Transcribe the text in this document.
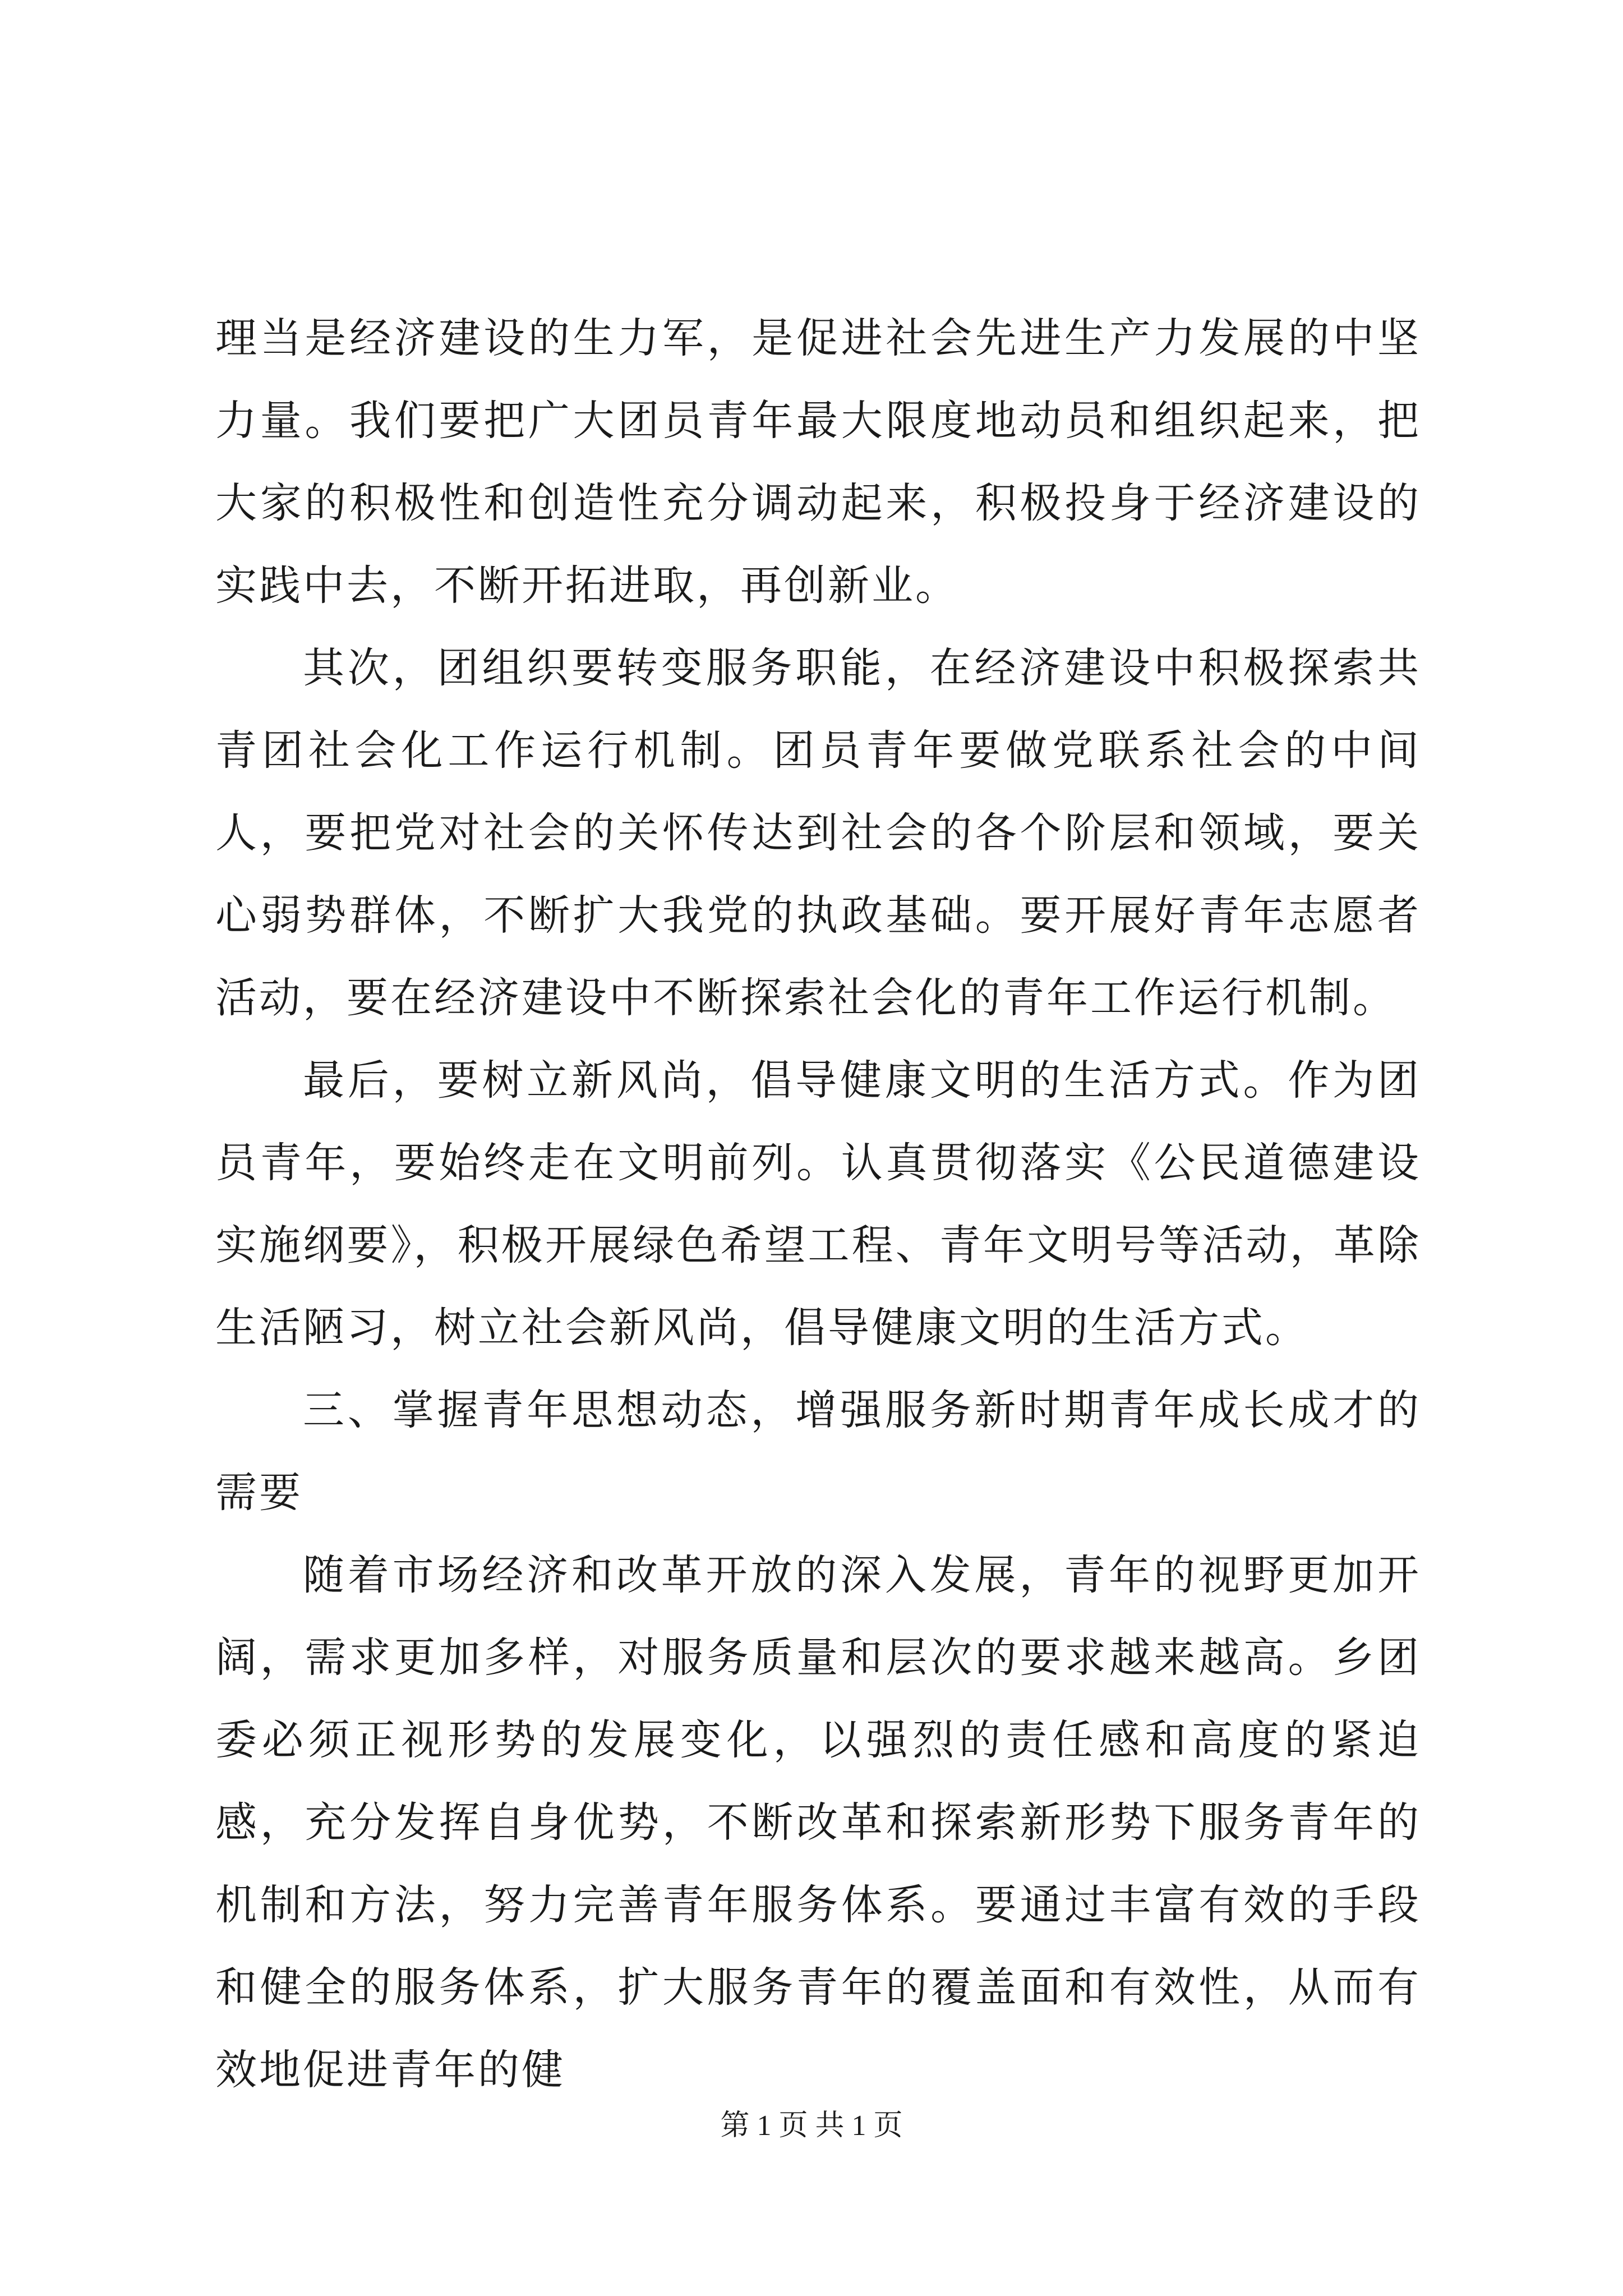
理当是经济建设的生力军，是促进社会先进生产力发展的中坚力量。我们要把广大团员青年最大限度地动员和组织起来，把大家的积极性和创造性充分调动起来，积极投身于经济建设的实践中去，不断开拓进取，再创新业。

其次，团组织要转变服务职能，在经济建设中积极探索共青团社会化工作运行机制。团员青年要做党联系社会的中间人，要把党对社会的关怀传达到社会的各个阶层和领域，要关心弱势群体，不断扩大我党的执政基础。要开展好青年志愿者活动，要在经济建设中不断探索社会化的青年工作运行机制。

最后，要树立新风尚，倡导健康文明的生活方式。作为团员青年，要始终走在文明前列。认真贯彻落实《公民道德建设实施纲要》，积极开展绿色希望工程、青年文明号等活动，革除生活陋习，树立社会新风尚，倡导健康文明的生活方式。

三、掌握青年思想动态，增强服务新时期青年成长成才的需要

随着市场经济和改革开放的深入发展，青年的视野更加开阔，需求更加多样，对服务质量和层次的要求越来越高。乡团委必须正视形势的发展变化，以强烈的责任感和高度的紧迫感，充分发挥自身优势，不断改革和探索新形势下服务青年的机制和方法，努力完善青年服务体系。要通过丰富有效的手段和健全的服务体系，扩大服务青年的覆盖面和有效性，从而有效地促进青年的健

第 1 页 共 1 页
